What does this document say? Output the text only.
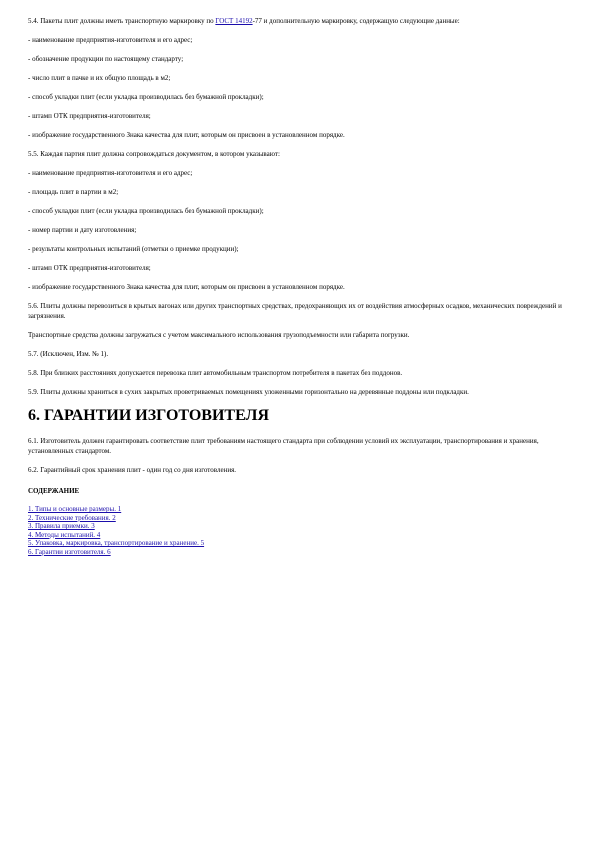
5.4. Пакеты плит должны иметь транспортную маркировку по ГОСТ 14192-77 и дополнительную маркировку, содержащую следующие данные:

- наименование предприятия-изготовителя и его адрес;

- обозначение продукции по настоящему стандарту;

- число плит в пачке и их общую площадь в м2;

- способ укладки плит (если укладка производилась без бумажной прокладки);

- штамп ОТК предприятия-изготовителя;

- изображение государственного Знака качества для плит, которым он присвоен в установленном порядке.

5.5. Каждая партия плит должна сопровождаться документом, в котором указывают:

- наименование предприятия-изготовителя и его адрес;

- площадь плит в партии в м2;

- способ укладки плит (если укладка производилась без бумажной прокладки);

- номер партии и дату изготовления;

- результаты контрольных испытаний (отметки о приемке продукции);

- штамп ОТК предприятия-изготовителя;

- изображение государственного Знака качества для плит, которым он присвоен в установленном порядке.

5.6. Плиты должны перевозиться в крытых вагонах или других транспортных средствах, предохраняющих их от воздействия атмосферных осадков, механических повреждений и загрязнения.

Транспортные средства должны загружаться с учетом максимального использования грузоподъемности или габарита погрузки.

5.7. (Исключен, Изм. № 1).

5.8. При близких расстояниях допускается перевозка плит автомобильным транспортом потребителя в пакетах без поддонов.

5.9. Плиты должны храниться в сухих закрытых проветриваемых помещениях уложенными горизонтально на деревянные поддоны или подкладки.

6. ГАРАНТИИ ИЗГОТОВИТЕЛЯ

6.1. Изготовитель должен гарантировать соответствие плит требованиям настоящего стандарта при соблюдении условий их эксплуатации, транспортирования и хранения, установленных стандартом.

6.2. Гарантийный срок хранения плит - один год со дня изготовления.

СОДЕРЖАНИЕ
1. Типы и основные размеры. 1
2. Технические требования. 2
3. Правила приемки. 3
4. Методы испытаний. 4
5. Упаковка, маркировка, транспортирование и хранение. 5
6. Гарантии изготовителя. 6
